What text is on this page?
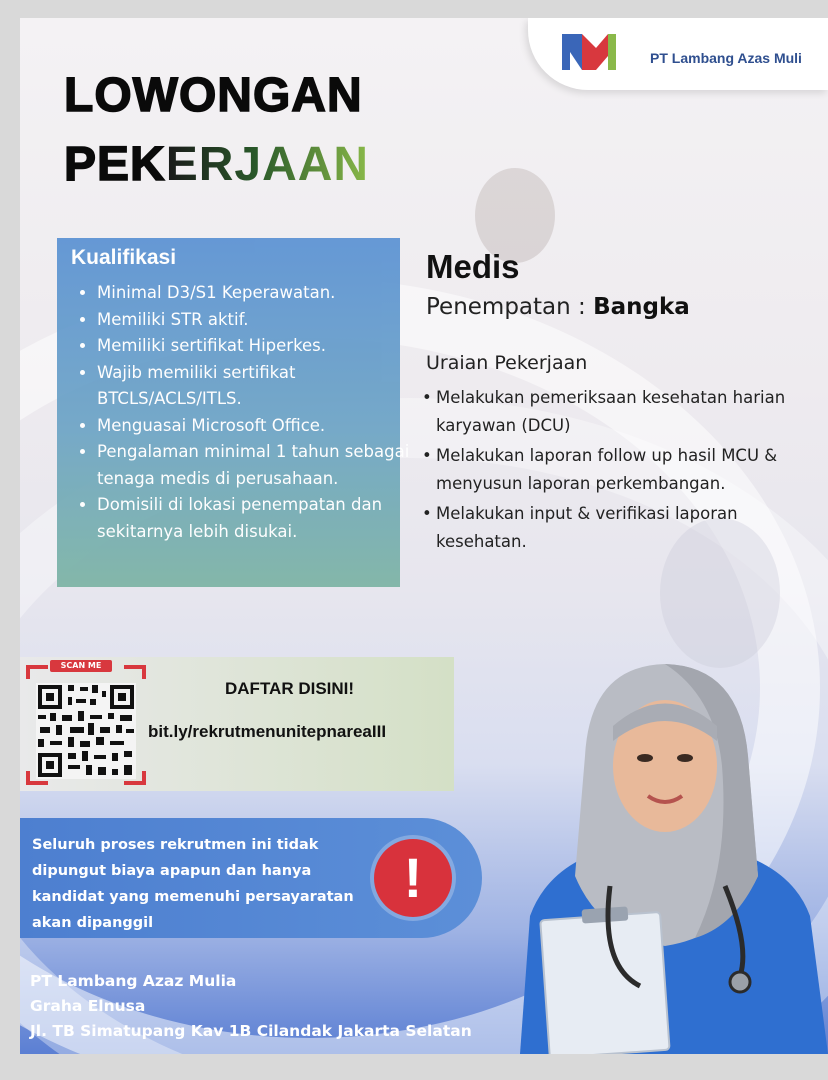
PT Lambang Azas Muli
LOWONGAN
PEKERJAAN
Kualifikasi
• Minimal D3/S1 Keperawatan.
• Memiliki STR aktif.
• Memiliki sertifikat Hiperkes.
• Wajib memiliki sertifikat BTCLS/ACLS/ITLS.
• Menguasai Microsoft Office.
• Pengalaman minimal 1 tahun sebagai tenaga medis di perusahaan.
• Domisili di lokasi penempatan dan sekitarnya lebih disukai.
Medis
Penempatan : Bangka
Uraian Pekerjaan
• Melakukan pemeriksaan kesehatan harian karyawan (DCU)
• Melakukan laporan follow up hasil MCU & menyusun laporan perkembangan.
• Melakukan input & verifikasi laporan kesehatan.
SCAN ME
DAFTAR DISINI!
bit.ly/rekrutmenunitepnareaIII
Seluruh proses rekrutmen ini tidak dipungut biaya apapun dan hanya kandidat yang memenuhi persayaratan akan dipanggil
!
PT Lambang Azaz Mulia
Graha Elnusa
Jl. TB Simatupang Kav 1B Cilandak Jakarta Selatan
